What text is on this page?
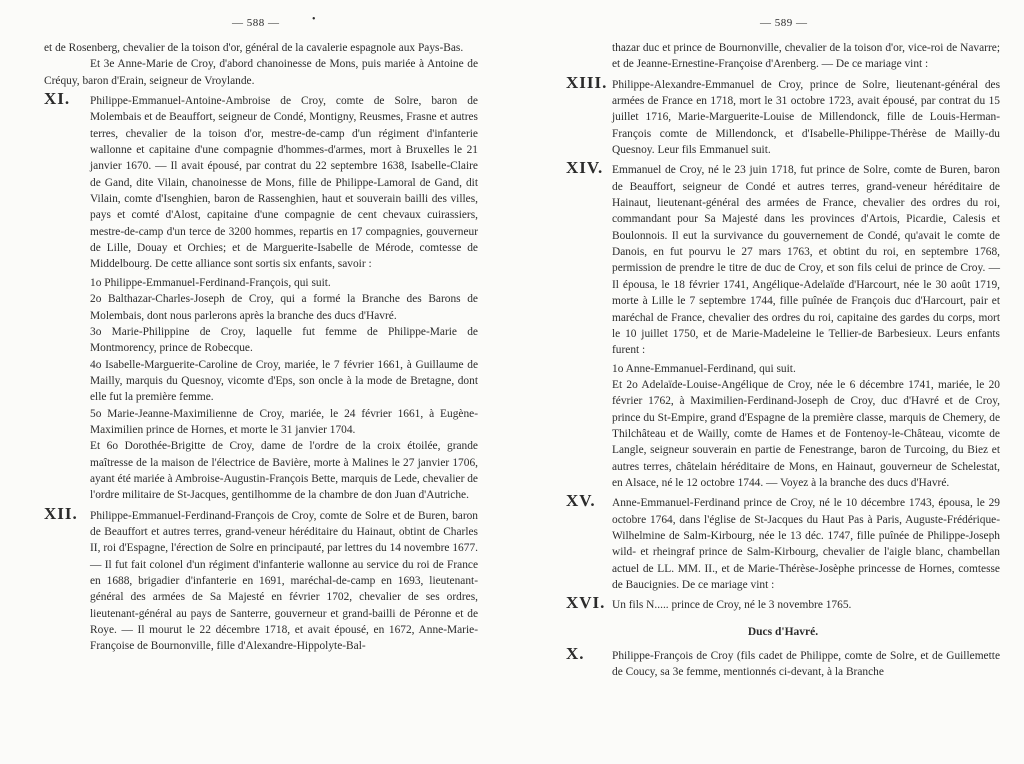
— 588 —	•

et de Rosenberg, chevalier de la toison d'or, général de la cavalerie espagnole aux Pays-Bas.

Et 3e Anne-Marie de Croy, d'abord chanoinesse de Mons, puis mariée à Antoine de Créquy, baron d'Erain, seigneur de Vroylande.

XI.	Philippe-Emmanuel-Antoine-Ambroise de Croy, comte de Solre, baron de Molembais et de Beauffort, seigneur de Condé, Montigny, Reusmes, Frasne et autres terres, chevalier de la toison d'or, mestre-de-camp d'un régiment d'infanterie wallonne et capitaine d'une compagnie d'hommes-d'armes, mort à Bruxelles le 21 janvier 1670. — Il avait épousé, par contrat du 22 septembre 1638, Isabelle-Claire de Gand, dite Vilain, chanoinesse de Mons, fille de Philippe-Lamoral de Gand, dit Vilain, comte d'Isenghien, baron de Rassenghien, haut et souverain bailli des villes, pays et comté d'Alost, capitaine d'une compagnie de cent chevaux cuirassiers, mestre-de-camp d'un terce de 3200 hommes, repartis en 17 compagnies, gouverneur de Lille, Douay et Orchies; et de Marguerite-Isabelle de Mérode, comtesse de Middelbourg. De cette alliance sont sortis six enfants, savoir :

1o Philippe-Emmanuel-Ferdinand-François, qui suit.

2o Balthazar-Charles-Joseph de Croy, qui a formé la Branche des Barons de Molembais, dont nous parlerons après la branche des ducs d'Havré.

3o Marie-Philippine de Croy, laquelle fut femme de Philippe-Marie de Montmorency, prince de Robecque.

4o Isabelle-Marguerite-Caroline de Croy, mariée, le 7 février 1661, à Guillaume de Mailly, marquis du Quesnoy, vicomte d'Eps, son oncle à la mode de Bretagne, dont elle fut la première femme.

5o Marie-Jeanne-Maximilienne de Croy, mariée, le 24 février 1661, à Eugène-Maximilien prince de Hornes, et morte le 31 janvier 1704.

Et 6o Dorothée-Brigitte de Croy, dame de l'ordre de la croix étoilée, grande maîtresse de la maison de l'électrice de Bavière, morte à Malines le 27 janvier 1706, ayant été mariée à Ambroise-Augustin-François Bette, marquis de Lede, chevalier de l'ordre militaire de St-Jacques, gentilhomme de la chambre de don Juan d'Autriche.

XII.	Philippe-Emmanuel-Ferdinand-François de Croy, comte de Solre et de Buren, baron de Beauffort et autres terres, grand-veneur héréditaire du Hainaut, obtint de Charles II, roi d'Espagne, l'érection de Solre en principauté, par lettres du 14 novembre 1677. — Il fut fait colonel d'un régiment d'infanterie wallonne au service du roi de France en 1688, brigadier d'infanterie en 1691, maréchal-de-camp en 1693, lieutenant-général des armées de Sa Majesté en février 1702, chevalier de ses ordres, lieutenant-général au pays de Santerre, gouverneur et grand-bailli de Péronne et de Roye. — Il mourut le 22 décembre 1718, et avait épousé, en 1672, Anne-Marie-Françoise de Bournonville, fille d'Alexandre-Hippolyte-Bal-
— 589 —

thazar duc et prince de Bournonville, chevalier de la toison d'or, vice-roi de Navarre; et de Jeanne-Ernestine-Françoise d'Arenberg. — De ce mariage vint :

XIII. Philippe-Alexandre-Emmanuel de Croy, prince de Solre, lieutenant-général des armées de France en 1718, mort le 31 octobre 1723, avait épousé, par contrat du 15 juillet 1716, Marie-Marguerite-Louise de Millendonck, fille de Louis-Herman-François comte de Millendonck, et d'Isabelle-Philippe-Thérèse de Mailly-du Quesnoy. Leur fils Emmanuel suit.
XIV. Emmanuel de Croy, né le 23 juin 1718, fut prince de Solre, comte de Buren, baron de Beauffort, seigneur de Condé et autres terres, grand-veneur héréditaire de Hainaut, lieutenant-général des armées de France, chevalier des ordres du roi, commandant pour Sa Majesté dans les provinces d'Artois, Picardie, Calesis et Boulonnois. Il eut la survivance du gouvernement de Condé, qu'avait le comte de Danois, en fut pourvu le 27 mars 1763, et obtint du roi, en septembre 1768, permission de prendre le titre de duc de Croy, et son fils celui de prince de Croy. — Il épousa, le 18 février 1741, Angélique-Adelaïde d'Harcourt, née le 30 août 1719, morte à Lille le 7 septembre 1744, fille puînée de François duc d'Harcourt, pair et maréchal de France, chevalier des ordres du roi, capitaine des gardes du corps, mort le 10 juillet 1750, et de Marie-Madeleine le Tellier-de Barbesieux. Leurs enfants furent :

1o Anne-Emmanuel-Ferdinand, qui suit.

Et 2o Adelaïde-Louise-Angélique de Croy, née le 6 décembre 1741, mariée, le 20 février 1762, à Maximilien-Ferdinand-Joseph de Croy, duc d'Havré et de Croy, prince du St-Empire, grand d'Espagne de la première classe, marquis de Chemery, de Thilchâteau et de Wailly, comte de Hames et de Fontenoy-le-Château, vicomte de Langle, seigneur souverain en partie de Fenestrange, baron de Turcoing, du Biez et autres terres, châtelain héréditaire de Mons, en Hainaut, gouverneur de Schelestat, en Alsace, né le 12 octobre 1744. — Voyez à la branche des ducs d'Havré.

XV.	Anne-Emmanuel-Ferdinand prince de Croy, né le 10 décembre 1743, épousa, le 29 octobre 1764, dans l'église de St-Jacques du Haut Pas à Paris, Auguste-Frédérique-Wilhelmine de Salm-Kirbourg, née le 13 déc. 1747, fille puînée de Philippe-Joseph wild- et rheingraf prince de Salm-Kirbourg, chevalier de l'aigle blanc, chambellan actuel de LL. MM. II., et de Marie-Thérèse-Josèphe princesse de Hornes, comtesse de Baucignies. De ce mariage vint :
XVI. Un fils N..... prince de Croy, né le 3 novembre 1765.
Ducs d'Havré.
X.	Philippe-François de Croy (fils cadet de Philippe, comte de Solre, et de Guillemette de Coucy, sa 3e femme, mentionnés ci-devant, à la Branche
